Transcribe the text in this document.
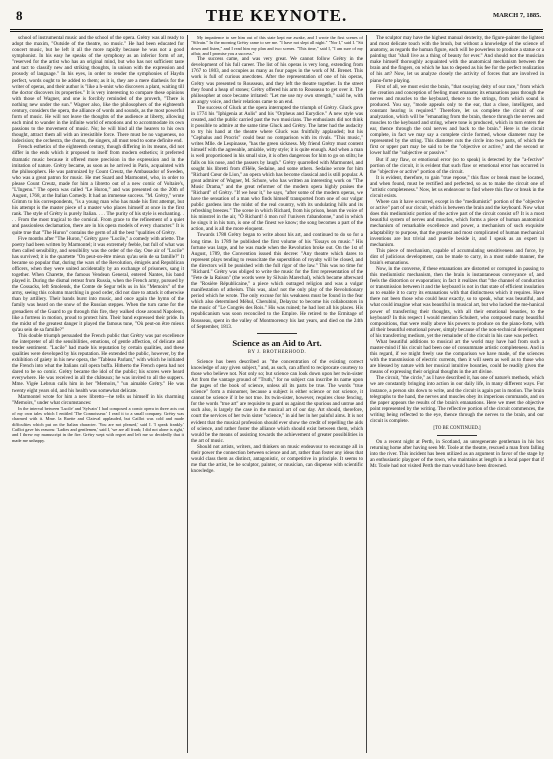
8	THE KEYNOTE.	MARCH 7, 1885.

school of instrumental music and the school of the opera. Grétry was all ready to adopt the maxim, "Outside of the theatre, no music." He had been educated for concert music, but he left it all the more rapidly because he was not a good symphonist. In his easy he speaks of the symphony as an inferior form of art, "reserved for the artist who has an original mind, but who has not sufficient taste and tact to classify new and striking thoughts, in unison with the expression and prosody of language." In his eyes, in order to render the symphonies of Haydn perfect, words ought to be added to them; as it is, they are a mere diathesis for the writer of operas, and their author is "like a h-onist who discovers a plant, waiting till the doctor discovers its properties." It is very interesting to compare these opinions with those of Wagner, and one is forcibly reminded of the proverb, "There is nothing new under the sun." Wagner also, like the philosophers of the eighteenth century, considers the opera, the alliance of words and sounds, as the most powerful form of music. He will not leave the thoughts of the audience at liberty, allowing each mind to wander in the infinite world of emotions and to accommodate its own passions to the movement of music. No; he will bind all the hearers to his own thought, attract them all with an irresistible force. There must be no vagueness, no indecision; the orchestra, the chorus, the singers, all must tend to some definite end.

French esthetics of the eighteenth century, though differing in its means, did not differ in the ends which it proposed to itself from modern esthetics; it preferred dramatic music because it offered more precision in the expression and in the imitation of nature. Grétry became, as soon as he arrived in Paris, acquainted with the philosophers. He was patronized by Count Creutz, the Ambassador of Sweden, who was a great patron for music. He met Suard and Marmontel, who, in order to please Count Creutz, made for him a libretto out of a new comic of Voltaire's, "L'Ingenu." The opera was called "Le Huron," and was presented on the 20th of August, 1768, at the Italian Comedy. It had an immense success. "M. Grétry," wrote Grimm to his correspondents, "is a young man who has made his first attempt, but his attempt is the master piece of a master who places himself at once in the first rank. The style of Grétry is purely Italian. . . . The purity of his style is enchanting. . . . From the most tragical to the comical. From grace to the refinement of a quiet and passionless declamation, there are in his opera models of every character." It is quite true that "The Huron" contains the germ of all the best "qualities of Grétry.

Five months after "The Huron," Grétry gave "Lucile," a comedy with ariette. The poetry had been written by Marmontel; it was extremely feeble, but full of what was then called sensibility, and sensibility was the order of the day. One air of "Lucile" has survived; it is the quartette "On peut-on-être mieux qu'au sein de sa famille?" It became so popular that, during the wars of the Revolution, émigrés and Republican officers, when they were united accidentally by an exchange of prisoners, sang it together. When Charette, the famous Vendean General, entered Nantes, his band played it. During the dismal retreat from Russia, when the French army, pursued by the Cossacks, left Smolensk, the Comte de Segur tells us in his "Memoirs" of the army, seeing this column marching in good order, did not dare to attack it otherwise than by artillery. Their bands burst into music, and once again the hymn of the family was heard on the snow of the Russian steppes. When the turn came for the grenadiers of the Guard to go through this fire, they walked close around Napoleon, like a fortress in motion, proud to protect him. Their band expressed their pride. In the midst of the greatest danger it played the famous tune, "Où peut-on être mieux qu'au sein de sa famille?"

This double triumph persuaded the French public that Grétry was par excellence the interpreter of all the sensibilities, emotions, of gentle affection, of delicate and tender sentiment. "Lucile" had made his reputation by certain qualities, and these qualities were developed by his reputation. He extended the public, however, by the exhibition of gaiety in his new opera, the "Tableau Parlant," with which he initiated the French into what the Italians call opera buffa. Hitherto the French opera had not dared to be so comic. Grétry became the idol of the public; his scores were heard everywhere. He was received in all the châteaux; he was invited to all the suppers. Mme. Vigée Lebrun calls him in her "Memoirs," "un aimable Grétry." He was twenty eight years old, and his health was somewhat delicate.

Marmontel wrote for him a new libretto—he tells us himself in his charming "Memoirs," under what circumstances:

In the interval between 'Lucile' and 'Sylvain' I had composed a comic opera in three acts out of my own tales which I entitled 'The Connoisseur.' I read it to a small company. Grétry was charmed with it. Mme. la Ruette and Clairval applauded, but Caillot was cold and made difficulties which put on the Italian character. 'You are not pleased,' said I. 'I speak frankly.' Caillot gave his reasons: 'Ladies and gentlemen,' said I, 'we are all frank; I did not alone is right,' and I threw my manuscript in the fire. Grétry wept with regret and left me so decidedly that it made me unhappy.

My impatience to see him out of this state kept me awake, and I wrote the first scenes of "Silvain." In the morning Grétry came to see me. "I have not slept all night." "Nor I," said I. "Sit down and listen," and I read him my plan and two scenes. "This time," said I, "I am sure of my affair, and I promise you a success."

The success came, and was very great. We cannot follow Grétry in the development of his full career. The list of his operas is very long, extending from 1767 to 1803, and occupies as many as four pages in the work of M. Brenet. This work is full of curious anecdotes. After the representation of one of his operas, Grétry was presented to Rousseau, and they left the theatre together. In the street they found a heap of stones; Grétry offered his arm to Rousseau to get over it. The philosopher at once became irritated: "Let me use my own strength," said he, with an angry voice, and their relations came to an end.

The success of Gluck at the opera interrupted the triumph of Grétry. Gluck gave in 1774 his "Iphigenia at Aulis" and his "Orpheus and Eurydice." A new style was created, and the public carried past the two musicians. The enthusiasts did not think it possible to admire at the same time Gluck and Grétry. The latter had the audacity to try his hand at the theatre where Gluck was fruitfully applauded; but his "Cephalus and Procris" could bear no comparison with its rivals. "This music," writes Mlle. de Lespinasse, "has the green sickness. My friend Grétry must content himself with the agreeable, amiable, witty style; it is quite enough. And when a man is well proportioned in his small size, it is often dangerous for him to go on stilts; he falls on his nose, and the passers by laugh." Grétry quarrelled with Marmontel, and sought his libretti from d'Hèle, Sedaine, and some others. Sedaine wrote for him "Richard Cœur de Lion," an opera which has become classical and is still popular. A great admirer of Wagner, M. Schure, who has written an interesting work on "The Music Drama," and the great reformer of the modern opera highly praises the "Richard" of Grétry. "If we hear it," he says, "after some of the modern operas, we have the sensation of a man who finds himself transported from one of our vulgar public gardens into the midst of the real country, with its undulating hills and its refreshing breezes." The scene in which Richard, from his prison, hears the voice of his minstrel in the air, "Ô Richard! ô mon roi! l'univers t'abandonne," and in which he sings it in his turn, is one of the finest we know; the song becomes a part of the action, and is all the more eloquent.

Towards 1788 Grétry began to write about his art, and continued to do so for a long time. In 1789 he published the first volume of his "Essays on music." His fortune was large, and he was made when the Revolution broke out. On the 1st of August, 1789, the Convention issued this decree: "Any theatre which dares to represent plays tending to resuscitate the superstition of royalty will be closed, and the directors will be punished with the full rigor of the law." This was no time for "Richard." Grétry was obliged to write the music for the first representation of the "Fete de la Raison" (the words were by Silvain Marechal), which became afterward the "Rosière Républicaine," a piece which outraged religion and was a vulgar manifestation of atheism. This was, alas! not the only play of the Revolutionary period which he wrote. The only excuse for his weakness must be found in the fear which also determined Méhul, Cherubini, Delayrac to become his collaborators in the music of "Le Congrès des Rois." His was ruined; he had lost all his places. His republicanism was soon reconciled to the Empire. He retired to the Ermitage of Rousseau, spent in the valley of Montmorency his last years, and died on the 24th of September, 1813.

Science as an Aid to Art.
BY J. BROTHERHOOD.

Science has been described as "the concentration of the existing correct knowledge of any given subject," and, as such, can afford to reciprocate courtesy to those who believe not. Not only so; but science can look down upon her twin-sister Art from the vantage ground of "Truth," for no subject can inscribe its name upon the pages of the book of science, unless all its parts be true. The words "true science" form a misnomer, because a subject is either science or not science, it cannot be science if it be not true. Its twin-sister, however, requires close fencing, for the words "true art" are requisite to guard us against the spurious and untrue and such also, is largely the case in the musical art of our day. Art should, therefore, court the services of her twin sister "science," in aid her in her painful aims. It is not evident that the musical profession should ever show the credit of repelling the aids of science, and rather foster the alliance which should exist between them, which would be the means of assisting towards the achievement of greater possibilities in the art of music.

Should not artists, writers, and thinkers on music endeavour to encourage all in their power the connection between science and art, rather than foster any ideas that would class them as distinct, antagonistic, or competitive in principle. It seems to me that the artist, be he sculptor, painter, or musician, can dispense with scientific knowledge.

The sculptor may have the highest manual dexterity, the figure-painter the lightest and most delicate touch with the brush, but without a knowledge of the science of anatomy, as regards the human figure, each will be powerless to produce a statue or a painting that "shall live as a thing of beauty for ever." And should not the musician make himself thoroughly acquainted with the anatomical mechanism between the brain and the fingers, on which he has to depend as his fee for the perfect realization of his art? Now, let us analyze closely the activity of forces that are involved in piano-forte playing.

First of all, we must exist the brain, "that swaying deity of our race," from which the creation and conception of feeling must emanate; its emanations pass through the nerves and muscles to the keyboard, thence to the strings, from which sound is produced. You say, "mode appeals only to the ear, that a close, intelligent, and constant hearing is required." Therefore, let us complete the circuit of our analyzation, which will be "emanating from the brain, thence through the nerves and muscles to the keyboard and string, where tone is produced, which in turn enters the ear, thence through the oral nerves and back to the brain." Here is the circuit complete, in fact we may say a complete circle formed, whose diameter may be represented by the string. This diameter cuts the circle into two parts, of which the first or upper part may be said to be the "objective or active," and the second or lower half the "subjective or passive."

But if any flaw, or emotional error (so to speak) is detected by the "a-fective" portion of the circuit, it is evident that such flaw or emotional error has occurred in the "objective or active" portion of the circuit.

It is evident, therefore, to gain "true repose," this flaw or break must be located, and when found, must be rectified and perfected, so as to make the circuit one of "artistic completeness." Now, let us endeavour to find where this flaw or break in the circuit exists.

Where can it have occurred, except in the "mediumistic" portion of the "objective or active" part of our circuit, which is between the brain and the keyboard. Now what does this mediumistic portion of the active part of the circuit consist of? It is a most beautiful system of nerves and muscles, which forms a piece of human anatomical mechanism of remarkable excellence and power, a mechanism of such exquisite adaptability to purpose, that the greatest and most complicated of human mechanical inventions are but trivial and puerile beside it, and I speak as an expert in mechanism.

This piece of mechanism, capable of accumulating sensitiveness and force, by dint of judicious development, can be made to carry, in a most subtle manner, the brain's emanations.

Now, in the converse, if these emanations are distorted or corrupted in passing to this mediumistic mechanism, then the brain is instantaneous conveyance of, and feels the distortion or evaporation; in fact it realizes that "the channel of conduction or transmission between it and the keyboard is not in that state of efficient insulation as to enable it to carry its emanations with that distinctness which it requires. Have there not been those who could hear exactly, so to speak, what was beautiful, and what could imagine what was beautiful in musical art, but who lacked the me-hanical power of transferring their thoughts, with all their emotional beauties, to the keyboard? In this respect I would mention Schubert, who composed many beautiful compositions, that were really above his powers to produce on the piano-forte, with all their beautiful emotional power, simply because of the non-technical development of his transferring medium, yet the remainder of the circuit in his case was perfect.

What beautiful additions to musical art the world may have had from such a master-mind if his circuit had been one of consummate artistic completeness. And in this regard, if we might freely use the comparison we have made, of the sciences with the transmission of electric currents, then it will seem as well as to those who are blessed by nature with her musical intuitive bounties, could be readily given the means of expressing their original thoughts in the art divine.

The circuit, "the circle," as I have described it, has one of nature's methods, which we are constantly bringing into action in our daily life, in many different ways. For instance, a person sits down to write, and the circuit is again put in motion. The brain telegraphs to the hand, the nerves and muscles obey its imperious commands, and on the paper appears the results of the brain's emanations. Here we meet the objective point represented by the writing. The reflective portion of the circuit commences, the writing being reflected to the eye, thence through the nerves to the brain, and our circuit is complete.

[TO BE CONTINUED.]

On a recent night at Perth, in Scotland, an unregenerate gentleman in his box returning home after having seen Mr. Toole at the theatre, rescued a man from falling into the river. This incident has been utilized as an argument in favor of the stage by an enthusiastic playgoer of the town, who maintains at length in a local paper that if Mr. Toole had not visited Perth the man would have been drowned.
